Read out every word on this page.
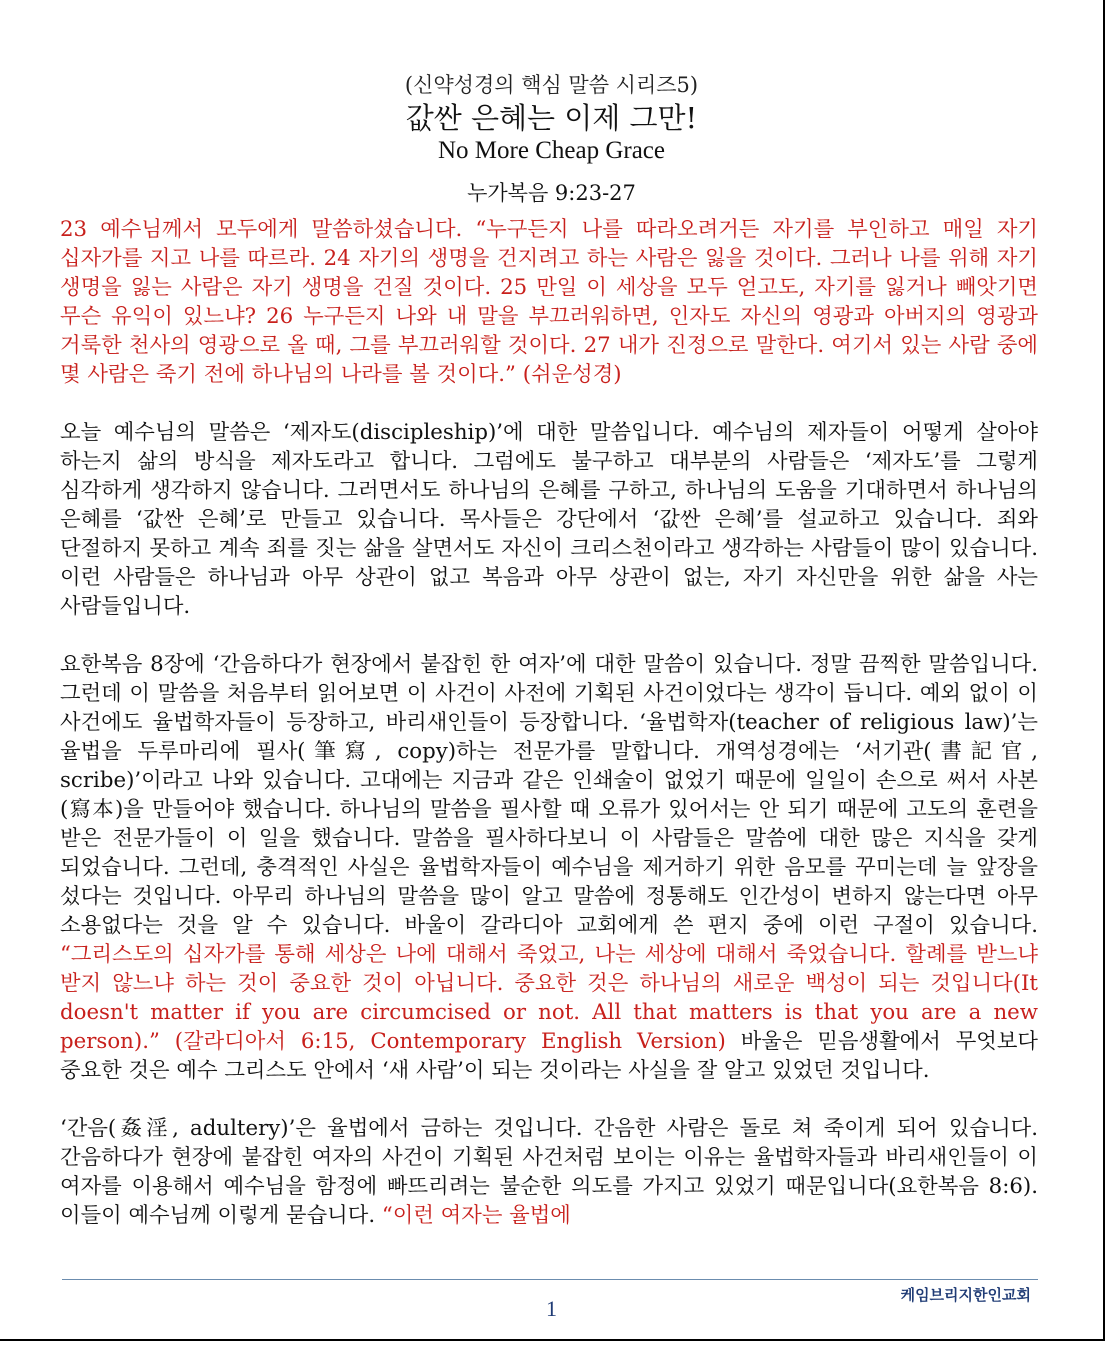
(신약성경의 핵심 말씀 시리즈5)
값싼 은혜는 이제 그만!
No More Cheap Grace
누가복음 9:23-27

23 예수님께서 모두에게 말씀하셨습니다. “누구든지 나를 따라오려거든 자기를 부인하고 매일 자기 십자가를 지고 나를 따르라. 24 자기의 생명을 건지려고 하는 사람은 잃을 것이다. 그러나 나를 위해 자기 생명을 잃는 사람은 자기 생명을 건질 것이다. 25 만일 이 세상을 모두 얻고도, 자기를 잃거나 빼앗기면 무슨 유익이 있느냐? 26 누구든지 나와 내 말을 부끄러워하면, 인자도 자신의 영광과 아버지의 영광과 거룩한 천사의 영광으로 올 때, 그를 부끄러워할 것이다. 27 내가 진정으로 말한다. 여기서 있는 사람 중에 몇 사람은 죽기 전에 하나님의 나라를 볼 것이다.” (쉬운성경)

오늘 예수님의 말씀은 ‘제자도(discipleship)’에 대한 말씀입니다. 예수님의 제자들이 어떻게 살아야 하는지 삶의 방식을 제자도라고 합니다. 그럼에도 불구하고 대부분의 사람들은 ‘제자도’를 그렇게 심각하게 생각하지 않습니다. 그러면서도 하나님의 은혜를 구하고, 하나님의 도움을 기대하면서 하나님의 은혜를 ‘값싼 은혜’로 만들고 있습니다. 목사들은 강단에서 ‘값싼 은혜’를 설교하고 있습니다. 죄와 단절하지 못하고 계속 죄를 짓는 삶을 살면서도 자신이 크리스천이라고 생각하는 사람들이 많이 있습니다. 이런 사람들은 하나님과 아무 상관이 없고 복음과 아무 상관이 없는, 자기 자신만을 위한 삶을 사는 사람들입니다.

요한복음 8장에 ‘간음하다가 현장에서 붙잡힌 한 여자’에 대한 말씀이 있습니다. 정말 끔찍한 말씀입니다. 그런데 이 말씀을 처음부터 읽어보면 이 사건이 사전에 기획된 사건이었다는 생각이 듭니다. 예외 없이 이 사건에도 율법학자들이 등장하고, 바리새인들이 등장합니다. ‘율법학자(teacher of religious law)’는 율법을 두루마리에 필사(筆寫, copy)하는 전문가를 말합니다. 개역성경에는 ‘서기관(書記官, scribe)’이라고 나와 있습니다. 고대에는 지금과 같은 인쇄술이 없었기 때문에 일일이 손으로 써서 사본(寫本)을 만들어야 했습니다. 하나님의 말씀을 필사할 때 오류가 있어서는 안 되기 때문에 고도의 훈련을 받은 전문가들이 이 일을 했습니다. 말씀을 필사하다보니 이 사람들은 말씀에 대한 많은 지식을 갖게 되었습니다. 그런데, 충격적인 사실은 율법학자들이 예수님을 제거하기 위한 음모를 꾸미는데 늘 앞장을 섰다는 것입니다. 아무리 하나님의 말씀을 많이 알고 말씀에 정통해도 인간성이 변하지 않는다면 아무 소용없다는 것을 알 수 있습니다. 바울이 갈라디아 교회에게 쓴 편지 중에 이런 구절이 있습니다. “그리스도의 십자가를 통해 세상은 나에 대해서 죽었고, 나는 세상에 대해서 죽었습니다. 할례를 받느냐 받지 않느냐 하는 것이 중요한 것이 아닙니다. 중요한 것은 하나님의 새로운 백성이 되는 것입니다(It doesn't matter if you are circumcised or not. All that matters is that you are a new person).” (갈라디아서 6:15, Contemporary English Version) 바울은 믿음생활에서 무엇보다 중요한 것은 예수 그리스도 안에서 ‘새 사람’이 되는 것이라는 사실을 잘 알고 있었던 것입니다.

‘간음(姦淫, adultery)’은 율법에서 금하는 것입니다. 간음한 사람은 돌로 쳐 죽이게 되어 있습니다. 간음하다가 현장에 붙잡힌 여자의 사건이 기획된 사건처럼 보이는 이유는 율법학자들과 바리새인들이 이 여자를 이용해서 예수님을 함정에 빠뜨리려는 불순한 의도를 가지고 있었기 때문입니다(요한복음 8:6). 이들이 예수님께 이렇게 묻습니다. “이런 여자는 율법에

케임브리지한인교회
1
